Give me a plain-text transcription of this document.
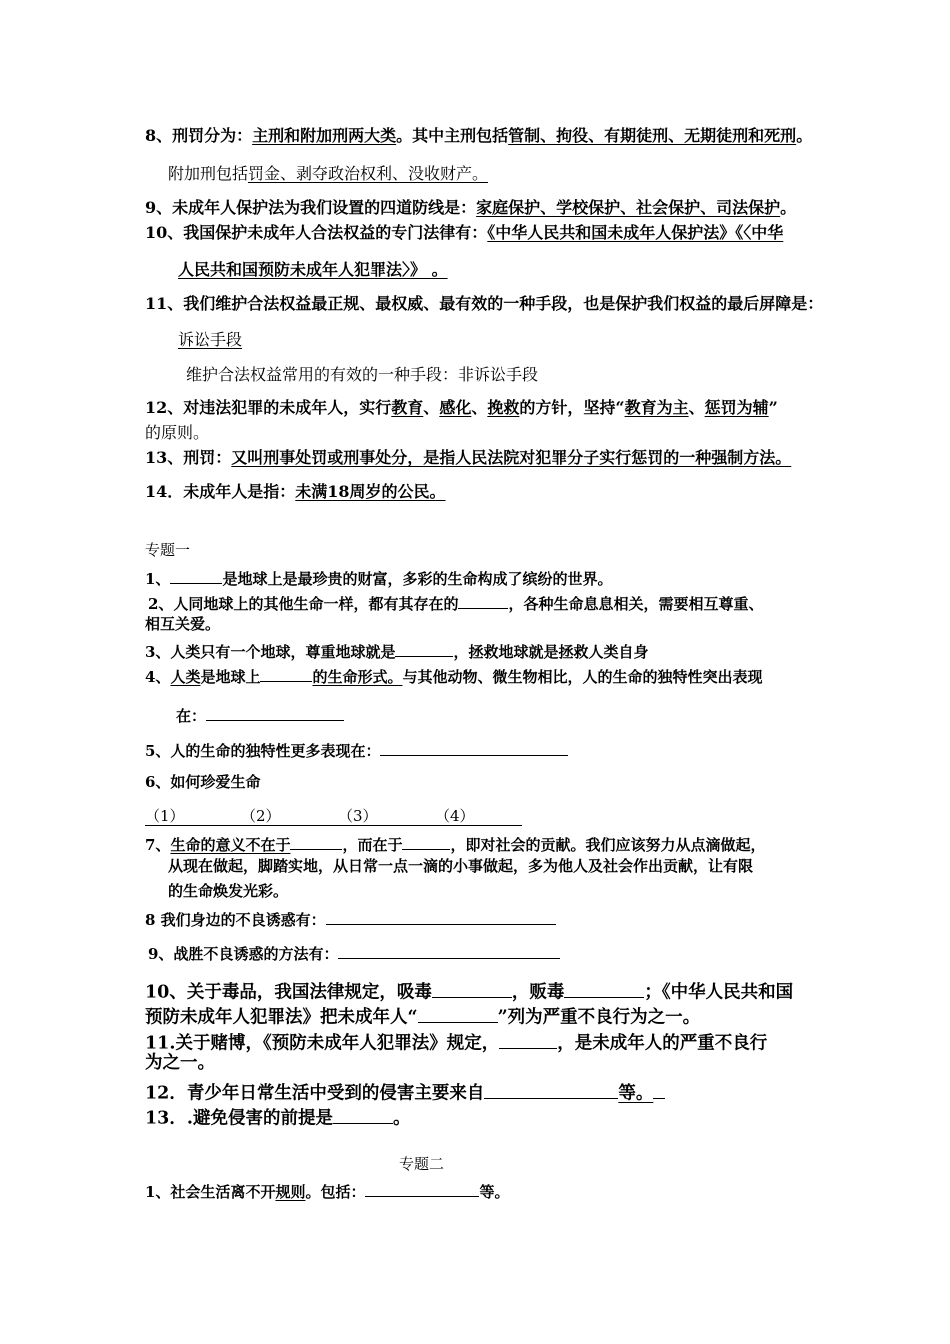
8、刑罚分为：主刑和附加刑两大类。其中主刑包括管制、拘役、有期徒刑、无期徒刑和死刑。
附加刑包括罚金、剥夺政治权利、没收财产。
9、未成年人保护法为我们设置的四道防线是：家庭保护、学校保护、社会保护、司法保护。
10、我国保护未成年人合法权益的专门法律有：《中华人民共和国未成年人保护法》《〈中华
人民共和国预防未成年人犯罪法〉》 。
11、我们维护合法权益最正规、最权威、最有效的一种手段，也是保护我们权益的最后屏障是：
诉讼手段
维护合法权益常用的有效的一种手段：非诉讼手段
12、对违法犯罪的未成年人，实行教育、感化、挽救的方针，坚持“教育为主、惩罚为辅”
的原则。
13、刑罚：又叫刑事处罚或刑事处分，是指人民法院对犯罪分子实行惩罚的一种强制方法。
14．未成年人是指：未满18周岁的公民。
专题一
1、	是地球上是最珍贵的财富，多彩的生命构成了缤纷的世界。
2、人同地球上的其他生命一样，都有其存在的	，各种生命息息相关，需要相互尊重、
相互关爱。
3、人类只有一个地球，尊重地球就是	，拯救地球就是拯救人类自身
4、人类是地球上	的生命形式。与其他动物、微生物相比，人的生命的独特性突出表现
在：
5、人的生命的独特性更多表现在：
6、如何珍爱生命
（1）	（2）	（3）	（4）
7、生命的意义不在于	，而在于	，即对社会的贡献。我们应该努力从点滴做起，
从现在做起，脚踏实地，从日常一点一滴的小事做起，多为他人及社会作出贡献，让有限
的生命焕发光彩。
8 我们身边的不良诱惑有：
9、战胜不良诱惑的方法有：
10、关于毒品，我国法律规定，吸毒	，贩毒	；《中华人民共和国
预防未成年人犯罪法》把未成年人“	”列为严重不良行为之一。
11.关于赌博，《预防未成年人犯罪法》规定，	，是未成年人的严重不良行
为之一。
12．青少年日常生活中受到的侵害主要来自	等。
13．.避免侵害的前提是	。
专题二
1、社会生活离不开规则。包括：	等。
